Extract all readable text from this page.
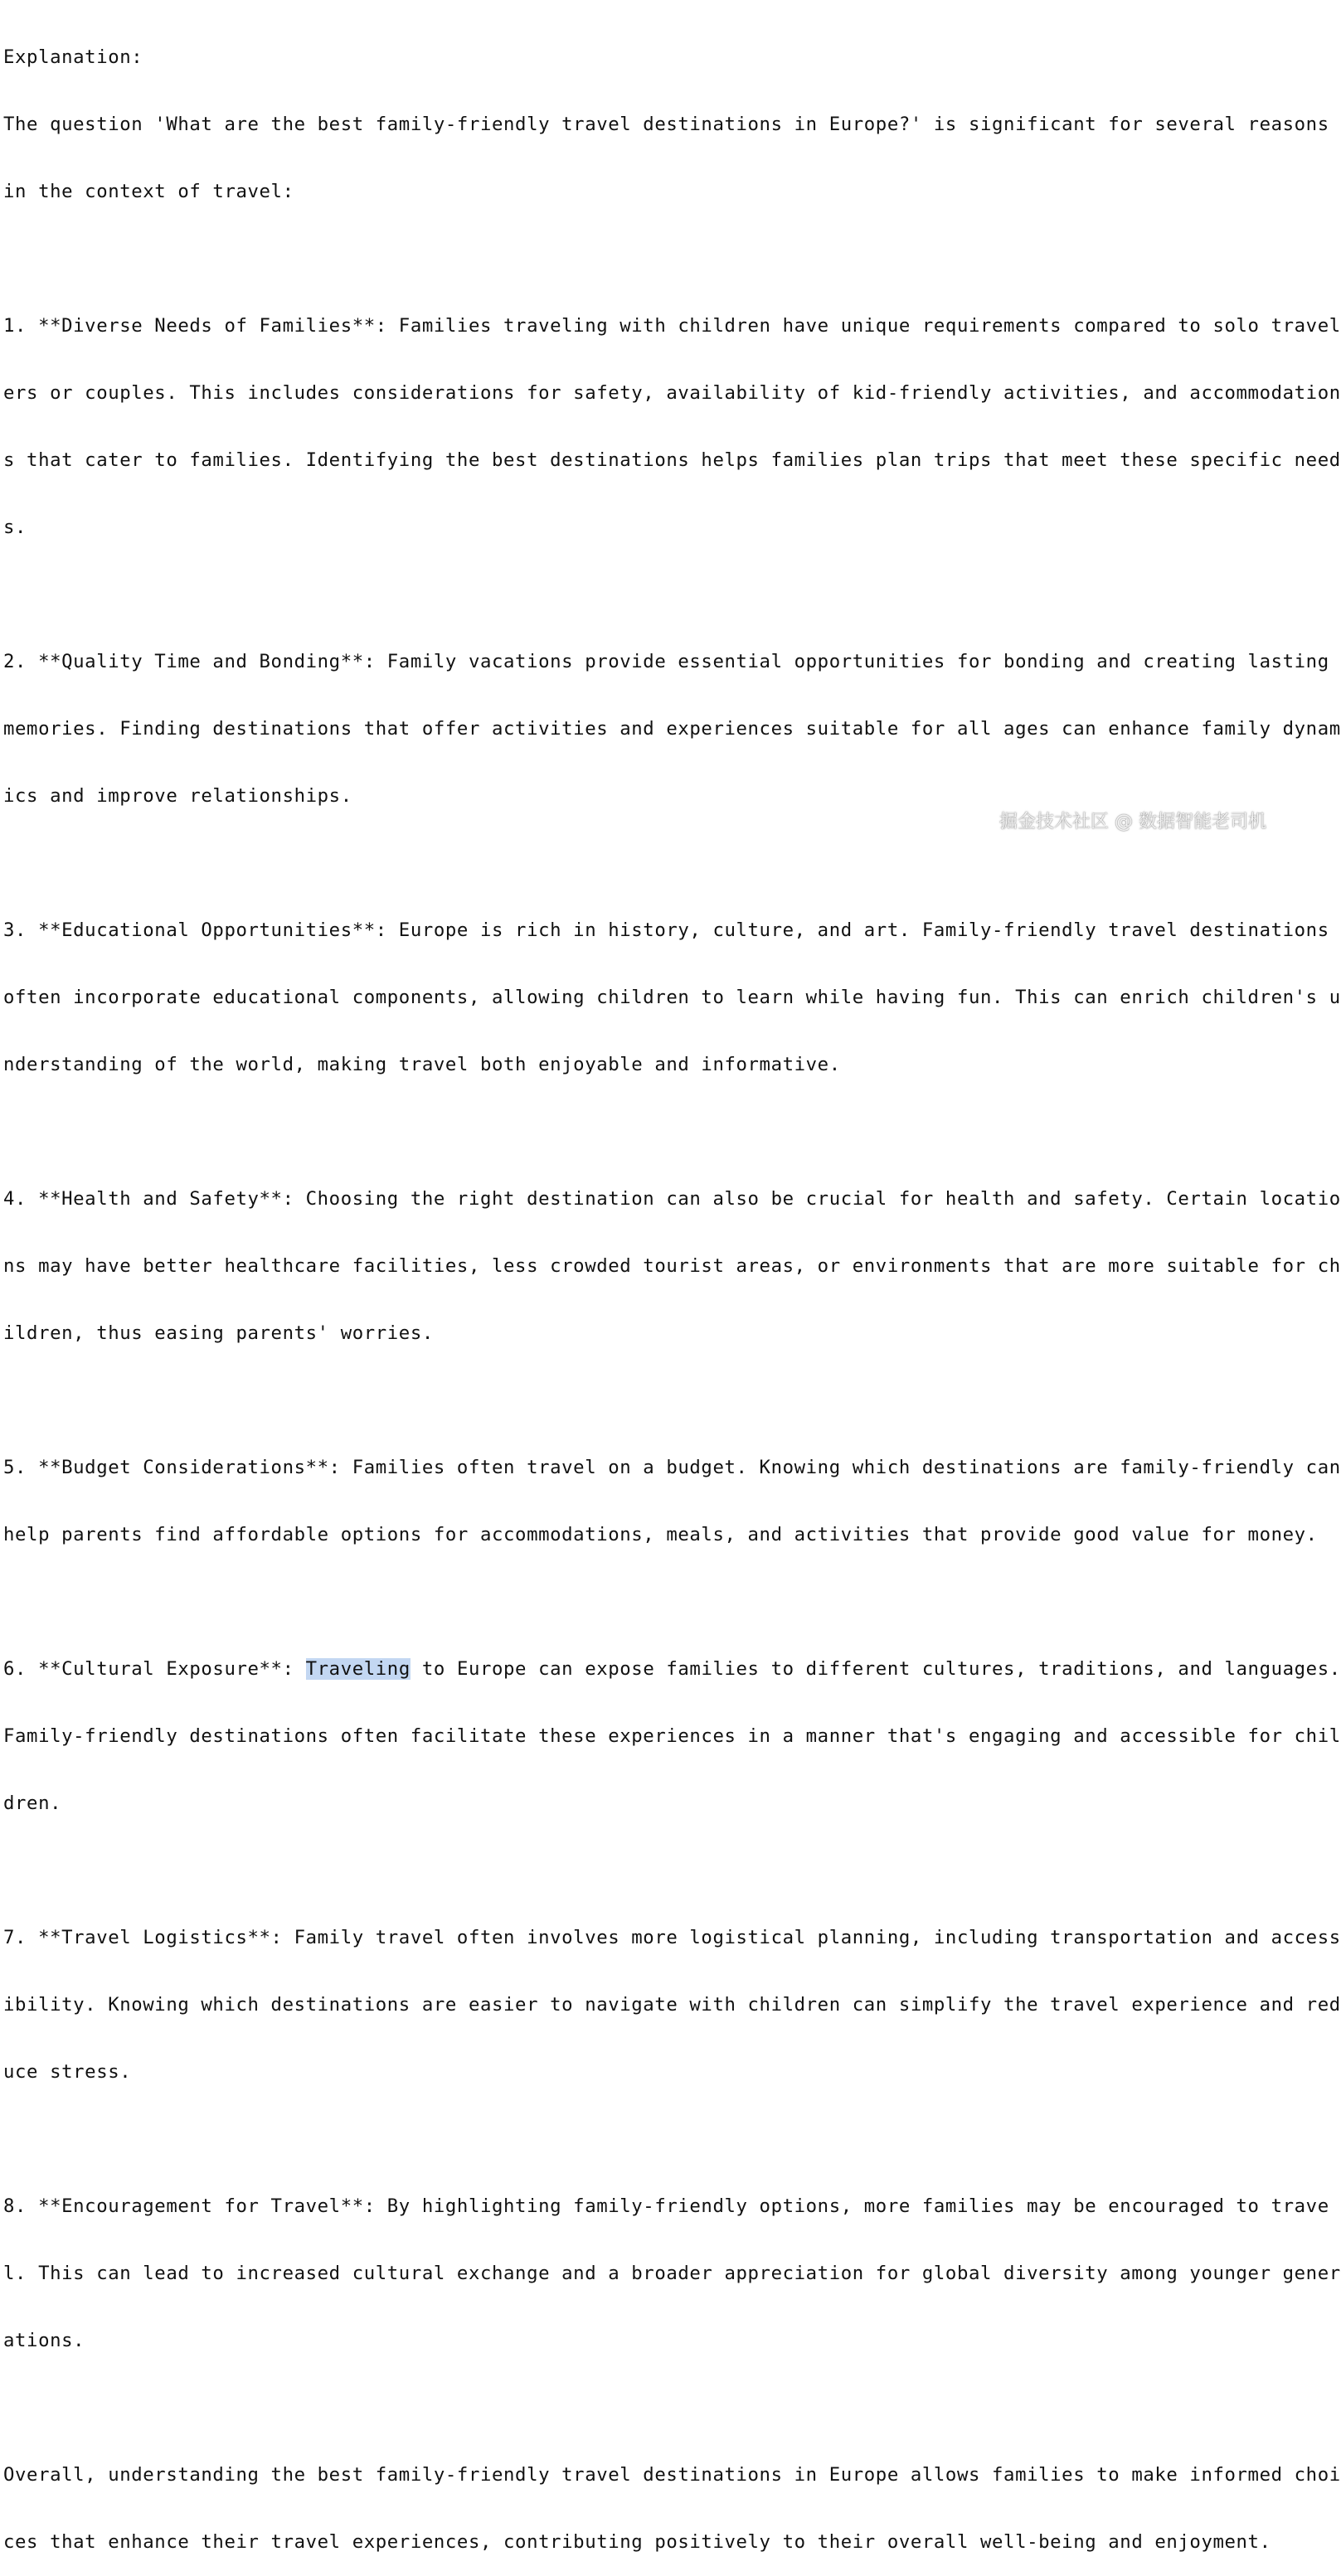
Explanation:

The question 'What are the best family-friendly travel destinations in Europe?' is significant for several reasons

in the context of travel:

1. **Diverse Needs of Families**: Families traveling with children have unique requirements compared to solo travel

ers or couples. This includes considerations for safety, availability of kid-friendly activities, and accommodation

s that cater to families. Identifying the best destinations helps families plan trips that meet these specific need

s.

2. **Quality Time and Bonding**: Family vacations provide essential opportunities for bonding and creating lasting

memories. Finding destinations that offer activities and experiences suitable for all ages can enhance family dynam

ics and improve relationships.

3. **Educational Opportunities**: Europe is rich in history, culture, and art. Family-friendly travel destinations

often incorporate educational components, allowing children to learn while having fun. This can enrich children's u

nderstanding of the world, making travel both enjoyable and informative.

4. **Health and Safety**: Choosing the right destination can also be crucial for health and safety. Certain locatio

ns may have better healthcare facilities, less crowded tourist areas, or environments that are more suitable for ch

ildren, thus easing parents' worries.

5. **Budget Considerations**: Families often travel on a budget. Knowing which destinations are family-friendly can

help parents find affordable options for accommodations, meals, and activities that provide good value for money.

6. **Cultural Exposure**: Traveling to Europe can expose families to different cultures, traditions, and languages.

Family-friendly destinations often facilitate these experiences in a manner that's engaging and accessible for chil

dren.

7. **Travel Logistics**: Family travel often involves more logistical planning, including transportation and access

ibility. Knowing which destinations are easier to navigate with children can simplify the travel experience and red

uce stress.

8. **Encouragement for Travel**: By highlighting family-friendly options, more families may be encouraged to trave

l. This can lead to increased cultural exchange and a broader appreciation for global diversity among younger gener

ations.

Overall, understanding the best family-friendly travel destinations in Europe allows families to make informed choi

ces that enhance their travel experiences, contributing positively to their overall well-being and enjoyment.

掘金技术社区 @ 数据智能老司机
